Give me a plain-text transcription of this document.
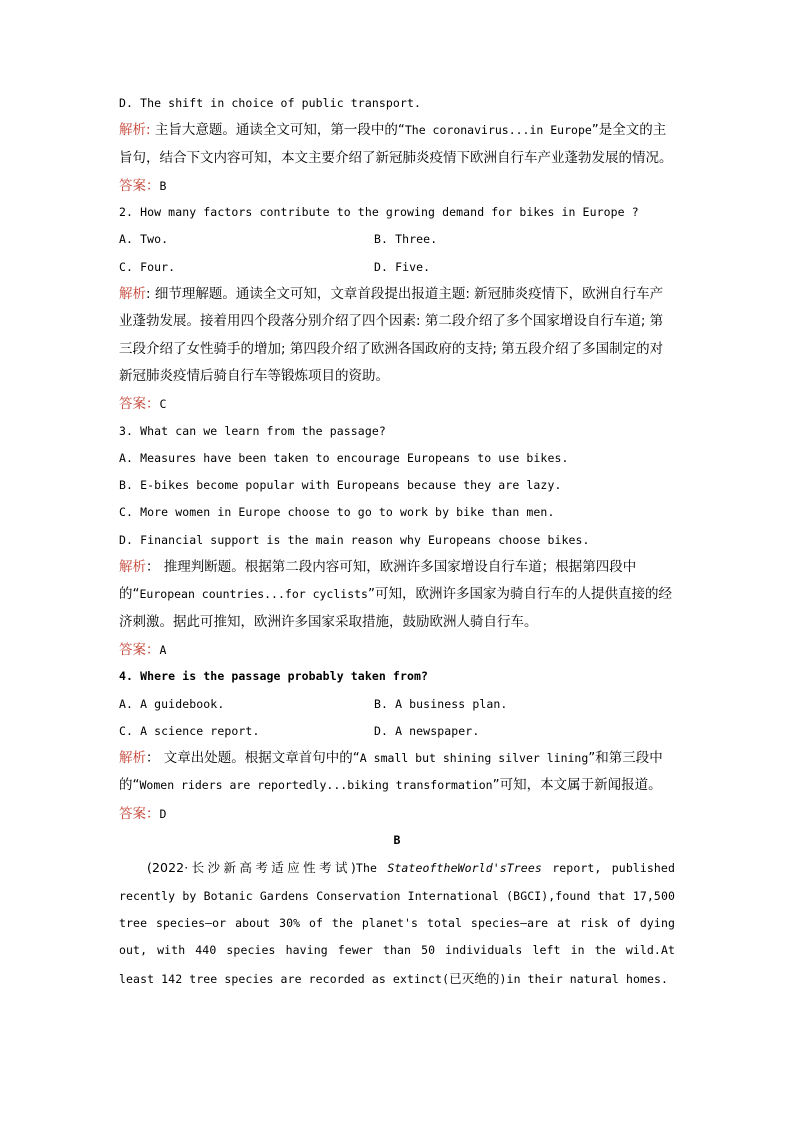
D. The shift in choice of public transport.
解析: 主旨大意题。通读全文可知，第一段中的“The coronavirus...in Europe”是全文的主旨句，结合下文内容可知，本文主要介绍了新冠肺炎疫情下欧洲自行车产业蓬勃发展的情况。
答案：B
2. How many factors contribute to the growing demand for bikes in Europe ?
A. Two.	B. Three.
C. Four.	D. Five.
解析: 细节理解题。通读全文可知，文章首段提出报道主题: 新冠肺炎疫情下，欧洲自行车产业蓬勃发展。接着用四个段落分别介绍了四个因素: 第二段介绍了多个国家增设自行车道; 第三段介绍了女性骑手的增加; 第四段介绍了欧洲各国政府的支持; 第五段介绍了多国制定的对新冠肺炎疫情后骑自行车等锻炼项目的资助。
答案：C
3. What can we learn from the passage?
A. Measures have been taken to encourage Europeans to use bikes.
B. E-bikes become popular with Europeans because they are lazy.
C. More women in Europe choose to go to work by bike than men.
D. Financial support is the main reason why Europeans choose bikes.
解析： 推理判断题。根据第二段内容可知，欧洲许多国家增设自行车道；根据第四段中的“European countries...for cyclists”可知，欧洲许多国家为骑自行车的人提供直接的经济刺激。据此可推知，欧洲许多国家采取措施，鼓励欧洲人骑自行车。
答案：A
4. Where is the passage probably taken from?
A. A guidebook.	B. A business plan.
C. A science report.	D. A newspaper.
解析： 文章出处题。根据文章首句中的“A small but shining silver lining”和第三段中的“Women riders are reportedly...biking transformation”可知，本文属于新闻报道。
答案：D
B
(2022·长沙新高考适应性考试)The StateoftheWorld'sTrees report, published recently by Botanic Gardens Conservation International (BGCI),found that 17,500 tree species—or about 30% of the planet's total species—are at risk of dying out, with 440 species having fewer than 50 individuals left in the wild.At least 142 tree species are recorded as extinct(已灭绝的)in their natural homes.
